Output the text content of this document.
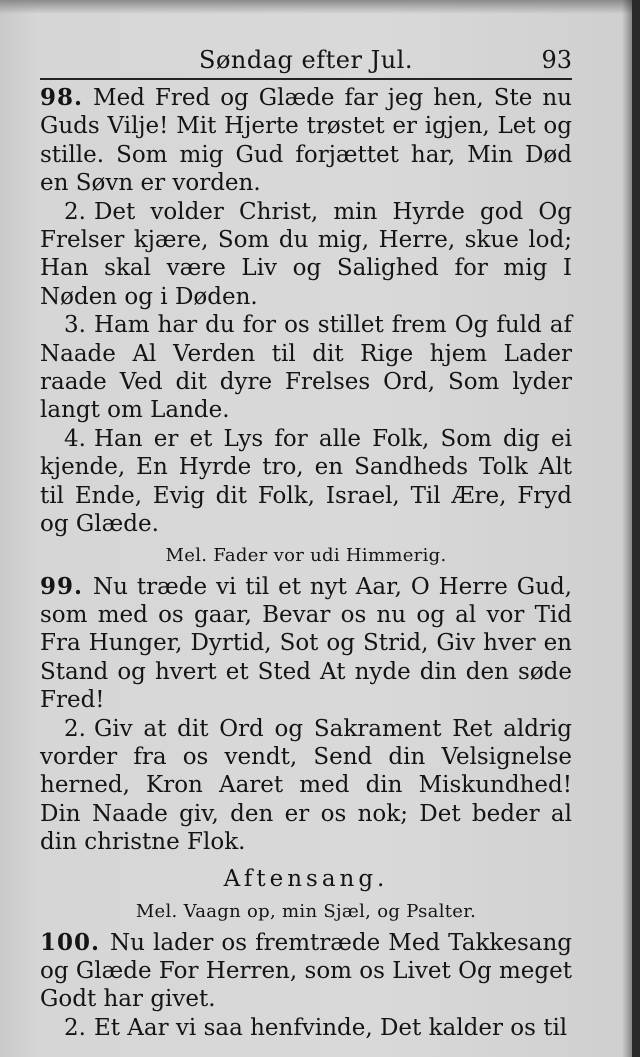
Søndag efter Jul.	93

98. Med Fred og Glæde far jeg hen, Ste nu Guds Vilje! Mit Hjerte trøstet er igjen, Let og stille. Som mig Gud forjættet har, Min Død en Søvn er vorden.

2. Det volder Christ, min Hyrde god Og Frelser kjære, Som du mig, Herre, skue lod; Han skal være Liv og Salighed for mig I Nøden og i Døden.

3. Ham har du for os stillet frem Og fuld af Naade Al Verden til dit Rige hjem Lader raade Ved dit dyre Frelses Ord, Som lyder langt om Lande.

4. Han er et Lys for alle Folk, Som dig ei kjende, En Hyrde tro, en Sandheds Tolk Alt til Ende, Evig dit Folk, Israel, Til Ære, Fryd og Glæde.

Mel. Fader vor udi Himmerig.

99. Nu træde vi til et nyt Aar, O Herre Gud, som med os gaar, Bevar os nu og al vor Tid Fra Hunger, Dyrtid, Sot og Strid, Giv hver en Stand og hvert et Sted At nyde din den søde Fred!

2. Giv at dit Ord og Sakrament Ret aldrig vorder fra os vendt, Send din Velsignelse herned, Kron Aaret med din Miskundhed! Din Naade giv, den er os nok; Det beder al din christne Flok.

Aftensang.
Mel. Vaagn op, min Sjæl, og Psalter.

100. Nu lader os fremtræde Med Takkesang og Glæde For Herren, som os Livet Og meget Godt har givet.

2. Et Aar vi saa henfvinde, Det kalder os til
